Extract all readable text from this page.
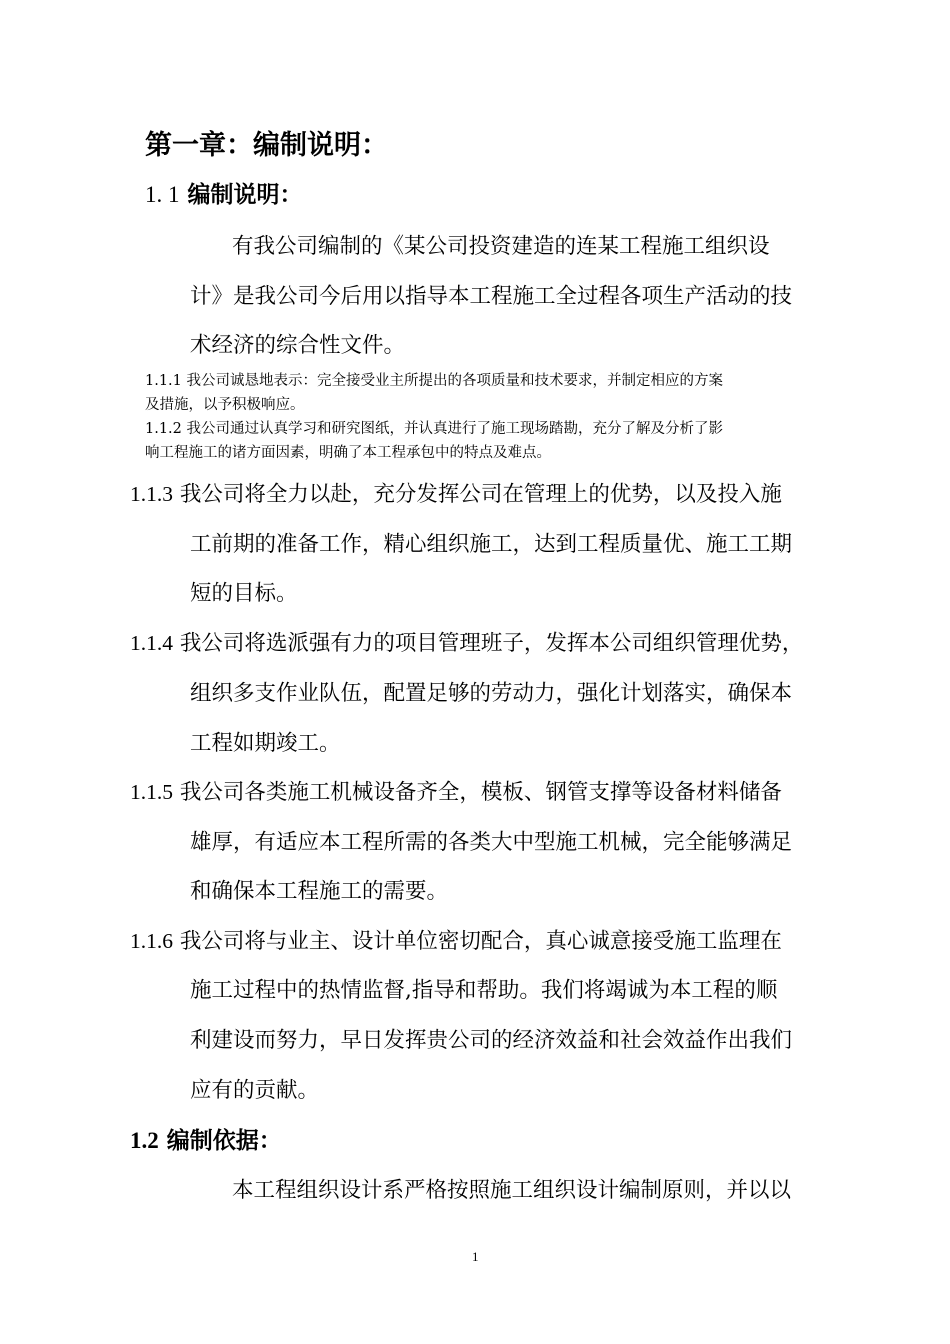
第一章：编制说明：
1. 1 编制说明：
有我公司编制的《某公司投资建造的连某工程施工组织设
计》是我公司今后用以指导本工程施工全过程各项生产活动的技
术经济的综合性文件。
1.1.1 我公司诚恳地表示：完全接受业主所提出的各项质量和技术要求，并制定相应的方案
及措施，以予积极响应。
1.1.2 我公司通过认真学习和研究图纸，并认真进行了施工现场踏勘，充分了解及分析了影
响工程施工的诸方面因素，明确了本工程承包中的特点及难点。
1.1.3 我公司将全力以赴，充分发挥公司在管理上的优势，以及投入施
工前期的准备工作，精心组织施工，达到工程质量优、施工工期
短的目标。
1.1.4 我公司将选派强有力的项目管理班子，发挥本公司组织管理优势，
组织多支作业队伍，配置足够的劳动力，强化计划落实，确保本
工程如期竣工。
1.1.5 我公司各类施工机械设备齐全，模板、钢管支撑等设备材料储备
雄厚，有适应本工程所需的各类大中型施工机械，完全能够满足
和确保本工程施工的需要。
1.1.6 我公司将与业主、设计单位密切配合，真心诚意接受施工监理在
施工过程中的热情监督,指导和帮助。我们将竭诚为本工程的顺
利建设而努力，早日发挥贵公司的经济效益和社会效益作出我们
应有的贡献。
1.2 编制依据：
本工程组织设计系严格按照施工组织设计编制原则，并以以
1
